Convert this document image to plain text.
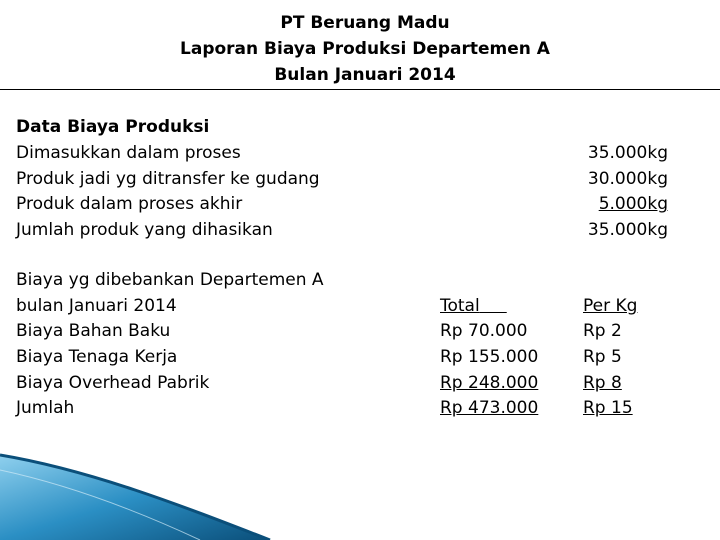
PT Beruang Madu
Laporan Biaya Produksi Departemen A
Bulan Januari 2014
Data Biaya Produksi
Dimasukkan dalam proses	35.000kg
Produk jadi yg ditransfer ke gudang	30.000kg
Produk dalam proses akhir	5.000kg
Jumlah produk yang dihasikan	35.000kg
Biaya yg dibebankan Departemen A
bulan Januari 2014	Total	Per Kg
Biaya Bahan Baku	Rp 70.000	Rp 2
Biaya Tenaga Kerja	Rp 155.000	Rp 5
Biaya Overhead Pabrik	Rp 248.000	Rp 8
Jumlah	Rp 473.000	Rp 15
